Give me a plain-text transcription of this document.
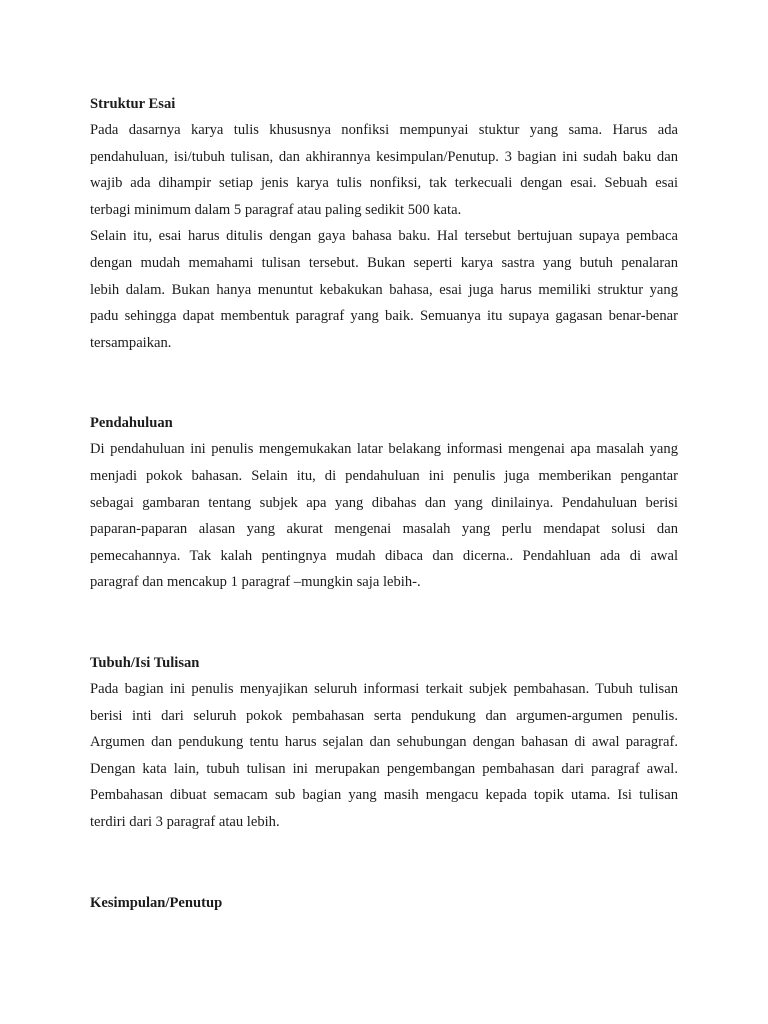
Struktur Esai
Pada dasarnya karya tulis khususnya nonfiksi mempunyai stuktur yang sama. Harus ada
pendahuluan, isi/tubuh tulisan, dan akhirannya kesimpulan/Penutup. 3 bagian ini sudah baku dan
wajib ada dihampir setiap jenis karya tulis nonfiksi, tak terkecuali dengan esai. Sebuah esai
terbagi minimum dalam 5 paragraf atau paling sedikit 500 kata.
Selain itu, esai harus ditulis dengan gaya bahasa baku. Hal tersebut bertujuan supaya pembaca
dengan mudah memahami tulisan tersebut. Bukan seperti karya sastra yang butuh penalaran
lebih dalam. Bukan hanya menuntut kebakukan bahasa, esai juga harus memiliki struktur yang
padu sehingga dapat membentuk paragraf yang baik. Semuanya itu supaya gagasan benar-benar
tersampaikan.
Pendahuluan
Di pendahuluan ini penulis mengemukakan latar belakang informasi mengenai apa masalah yang
menjadi pokok bahasan. Selain itu, di pendahuluan ini penulis juga memberikan pengantar
sebagai gambaran tentang subjek apa yang dibahas dan yang dinilainya. Pendahuluan berisi
paparan-paparan alasan yang akurat mengenai masalah yang perlu mendapat solusi dan
pemecahannya. Tak kalah pentingnya mudah dibaca dan dicerna.. Pendahluan ada di awal
paragraf dan mencakup 1 paragraf –mungkin saja lebih-.
Tubuh/Isi Tulisan
Pada bagian ini penulis menyajikan seluruh informasi terkait subjek pembahasan. Tubuh tulisan
berisi inti dari seluruh pokok pembahasan serta pendukung dan argumen-argumen penulis.
Argumen dan pendukung tentu harus sejalan dan sehubungan dengan bahasan di awal paragraf.
Dengan kata lain, tubuh tulisan ini merupakan pengembangan pembahasan dari paragraf awal.
Pembahasan dibuat semacam sub bagian yang masih mengacu kepada topik utama. Isi tulisan
terdiri dari 3 paragraf atau lebih.
Kesimpulan/Penutup
